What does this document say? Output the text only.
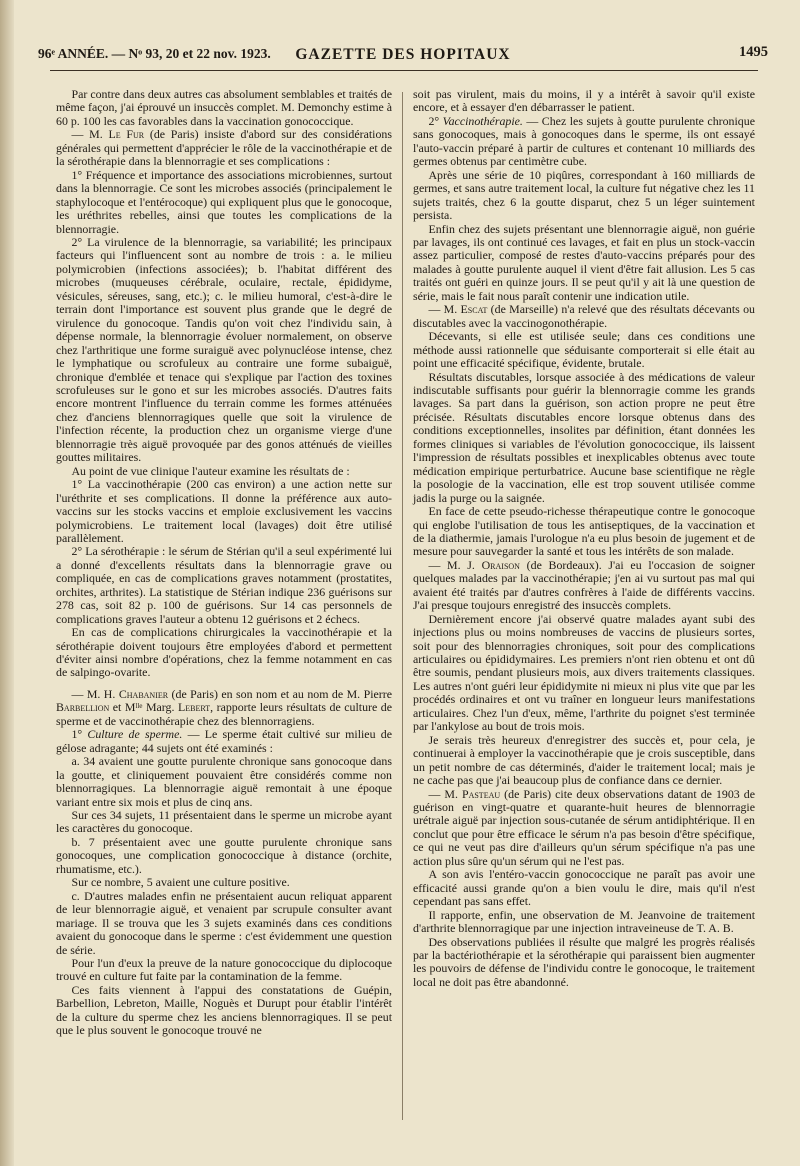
96ᵉ ANNÉE. — Nᵒ 93, 20 et 22 nov. 1923.	GAZETTE DES HOPITAUX	1495

Par contre dans deux autres cas absolument semblables et traités de même façon, j'ai éprouvé un insuccès complet. M. Demonchy estime à 60 p. 100 les cas favorables dans la vaccination gonococcique.

— M. Le Fur (de Paris) insiste d'abord sur des considérations générales qui permettent d'apprécier le rôle de la vaccinothérapie et de la sérothérapie dans la blennorragie et ses complications :

1° Fréquence et importance des associations microbiennes, surtout dans la blennorragie. Ce sont les microbes associés (principalement le staphylocoque et l'entérocoque) qui expliquent plus que le gonocoque, les uréthrites rebelles, ainsi que toutes les complications de la blennorragie.

2° La virulence de la blennorragie, sa variabilité; les principaux facteurs qui l'influencent sont au nombre de trois : a. le milieu polymicrobien (infections associées); b. l'habitat différent des microbes (muqueuses cérébrale, oculaire, rectale, épididyme, vésicules, séreuses, sang, etc.); c. le milieu humoral, c'est-à-dire le terrain dont l'importance est souvent plus grande que le degré de virulence du gonocoque. Tandis qu'on voit chez l'individu sain, à dépense normale, la blennorragie évoluer normalement, on observe chez l'arthritique une forme suraiguë avec polynucléose intense, chez le lymphatique ou scrofuleux au contraire une forme subaiguë, chronique d'emblée et tenace qui s'explique par l'action des toxines scrofuleuses sur le gono et sur les microbes associés. D'autres faits encore montrent l'influence du terrain comme les formes atténuées chez d'anciens blennorragiques quelle que soit la virulence de l'infection récente, la production chez un organisme vierge d'une blennorragie très aiguë provoquée par des gonos atténués de vieilles gouttes militaires.

Au point de vue clinique l'auteur examine les résultats de :

1° La vaccinothérapie (200 cas environ) a une action nette sur l'uréthrite et ses complications. Il donne la préférence aux auto-vaccins sur les stocks vaccins et emploie exclusivement les vaccins polymicrobiens. Le traitement local (lavages) doit être utilisé parallèlement.

2° La sérothérapie : le sérum de Stérian qu'il a seul expérimenté lui a donné d'excellents résultats dans la blennorragie grave ou compliquée, en cas de complications graves notamment (prostatites, orchites, arthrites). La statistique de Stérian indique 236 guérisons sur 278 cas, soit 82 p. 100 de guérisons. Sur 14 cas personnels de complications graves l'auteur a obtenu 12 guérisons et 2 échecs.

En cas de complications chirurgicales la vaccinothérapie et la sérothérapie doivent toujours être employées d'abord et permettent d'éviter ainsi nombre d'opérations, chez la femme notamment en cas de salpingo-ovarite.

— M. H. Chabanier (de Paris) en son nom et au nom de M. Pierre Barbellion et Mˡˡᵉ Marg. Lebert, rapporte leurs résultats de culture de sperme et de vaccinothérapie chez des blennorragiens.

1° Culture de sperme. — Le sperme était cultivé sur milieu de gélose adragante; 44 sujets ont été examinés :

a. 34 avaient une goutte purulente chronique sans gonocoque dans la goutte, et cliniquement pouvaient être considérés comme non blennorragiques. La blennorragie aiguë remontait à une époque variant entre six mois et plus de cinq ans.

Sur ces 34 sujets, 11 présentaient dans le sperme un microbe ayant les caractères du gonocoque.

b. 7 présentaient avec une goutte purulente chronique sans gonocoques, une complication gonococcique à distance (orchite, rhumatisme, etc.).

Sur ce nombre, 5 avaient une culture positive.

c. D'autres malades enfin ne présentaient aucun reliquat apparent de leur blennorragie aiguë, et venaient par scrupule consulter avant mariage. Il se trouva que les 3 sujets examinés dans ces conditions avaient du gonocoque dans le sperme : c'est évidemment une question de série.

Pour l'un d'eux la preuve de la nature gonococcique du diplocoque trouvé en culture fut faite par la contamination de la femme.

Ces faits viennent à l'appui des constatations de Guépin, Barbellion, Lebreton, Maille, Noguès et Durupt pour établir l'intérêt de la culture du sperme chez les anciens blennorragiques. Il se peut que le plus souvent le gonocoque trouvé ne

soit pas virulent, mais du moins, il y a intérêt à savoir qu'il existe encore, et à essayer d'en débarrasser le patient.

2° Vaccinothérapie. — Chez les sujets à goutte purulente chronique sans gonocoques, mais à gonocoques dans le sperme, ils ont essayé l'auto-vaccin préparé à partir de cultures et contenant 10 milliards des germes obtenus par centimètre cube.

Après une série de 10 piqûres, correspondant à 160 milliards de germes, et sans autre traitement local, la culture fut négative chez les 11 sujets traités, chez 6 la goutte disparut, chez 5 un léger suintement persista.

Enfin chez des sujets présentant une blennorragie aiguë, non guérie par lavages, ils ont continué ces lavages, et fait en plus un stock-vaccin assez particulier, composé de restes d'auto-vaccins préparés pour des malades à goutte purulente auquel il vient d'être fait allusion. Les 5 cas traités ont guéri en quinze jours. Il se peut qu'il y ait là une question de série, mais le fait nous paraît contenir une indication utile.

— M. Escat (de Marseille) n'a relevé que des résultats décevants ou discutables avec la vaccinogonothérapie.

Décevants, si elle est utilisée seule; dans ces conditions une méthode aussi rationnelle que séduisante comporterait si elle était au point une efficacité spécifique, évidente, brutale.

Résultats discutables, lorsque associée à des médications de valeur indiscutable suffisants pour guérir la blennorragie comme les grands lavages. Sa part dans la guérison, son action propre ne peut être précisée. Résultats discutables encore lorsque obtenus dans des conditions exceptionnelles, insolites par définition, étant données les formes cliniques si variables de l'évolution gonococcique, ils laissent l'impression de résultats possibles et inexplicables obtenus avec toute médication empirique perturbatrice. Aucune base scientifique ne règle la posologie de la vaccination, elle est trop souvent utilisée comme jadis la purge ou la saignée.

En face de cette pseudo-richesse thérapeutique contre le gonocoque qui englobe l'utilisation de tous les antiseptiques, de la vaccination et de la diathermie, jamais l'urologue n'a eu plus besoin de jugement et de mesure pour sauvegarder la santé et tous les intérêts de son malade.

— M. J. Oraison (de Bordeaux). J'ai eu l'occasion de soigner quelques malades par la vaccinothérapie; j'en ai vu surtout pas mal qui avaient été traités par d'autres confrères à l'aide de différents vaccins. J'ai presque toujours enregistré des insuccès complets.

Dernièrement encore j'ai observé quatre malades ayant subi des injections plus ou moins nombreuses de vaccins de plusieurs sortes, soit pour des blennorragies chroniques, soit pour des complications articulaires ou épididymaires. Les premiers n'ont rien obtenu et ont dû être soumis, pendant plusieurs mois, aux divers traitements classiques. Les autres n'ont guéri leur épididymite ni mieux ni plus vite que par les procédés ordinaires et ont vu traîner en longueur leurs manifestations articulaires. Chez l'un d'eux, même, l'arthrite du poignet s'est terminée par l'ankylose au bout de trois mois.

Je serais très heureux d'enregistrer des succès et, pour cela, je continuerai à employer la vaccinothérapie que je crois susceptible, dans un petit nombre de cas déterminés, d'aider le traitement local; mais je ne cache pas que j'ai beaucoup plus de confiance dans ce dernier.

— M. Pasteau (de Paris) cite deux observations datant de 1903 de guérison en vingt-quatre et quarante-huit heures de blennorragie urétrale aiguë par injection sous-cutanée de sérum antidiphtérique. Il en conclut que pour être efficace le sérum n'a pas besoin d'être spécifique, ce qui ne veut pas dire d'ailleurs qu'un sérum spécifique n'a pas une action plus sûre qu'un sérum qui ne l'est pas.

A son avis l'entéro-vaccin gonococcique ne paraît pas avoir une efficacité aussi grande qu'on a bien voulu le dire, mais qu'il n'est cependant pas sans effet.

Il rapporte, enfin, une observation de M. Jeanvoine de traitement d'arthrite blennorragique par une injection intraveineuse de T. A. B.

Des observations publiées il résulte que malgré les progrès réalisés par la bactériothérapie et la sérothérapie qui paraissent bien augmenter les pouvoirs de défense de l'individu contre le gonocoque, le traitement local ne doit pas être abandonné.
